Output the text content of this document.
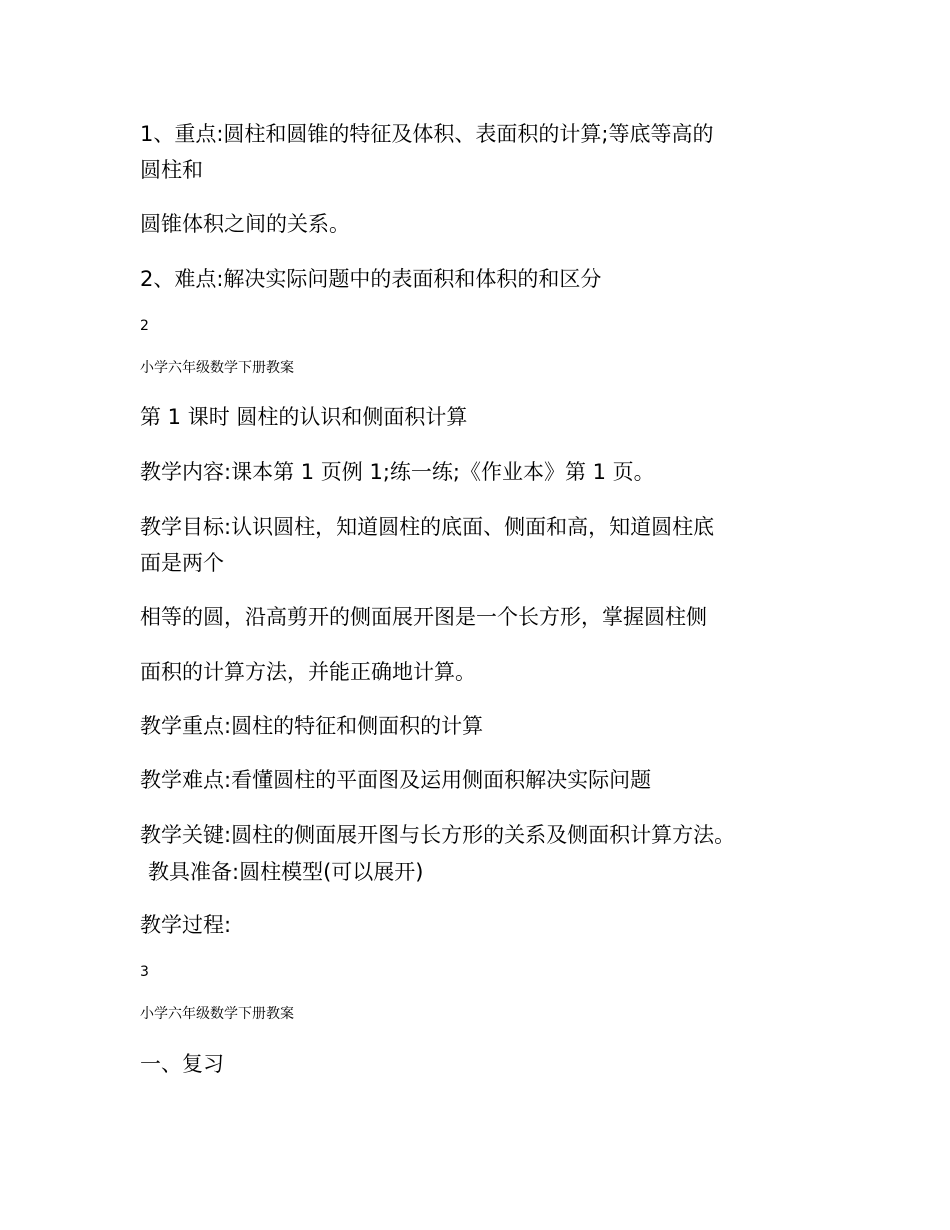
1、重点:圆柱和圆锥的特征及体积、表面积的计算;等底等高的
圆柱和
圆锥体积之间的关系。
2、难点:解决实际问题中的表面积和体积的和区分
2
小学六年级数学下册教案
第 1 课时 圆柱的认识和侧面积计算
教学内容:课本第 1 页例 1;练一练;《作业本》第 1 页。
教学目标:认识圆柱，知道圆柱的底面、侧面和高，知道圆柱底
面是两个
相等的圆，沿高剪开的侧面展开图是一个长方形，掌握圆柱侧
面积的计算方法，并能正确地计算。
教学重点:圆柱的特征和侧面积的计算
教学难点:看懂圆柱的平面图及运用侧面积解决实际问题
教学关键:圆柱的侧面展开图与长方形的关系及侧面积计算方法。
教具准备:圆柱模型(可以展开)
教学过程:
3
小学六年级数学下册教案
一、复习
